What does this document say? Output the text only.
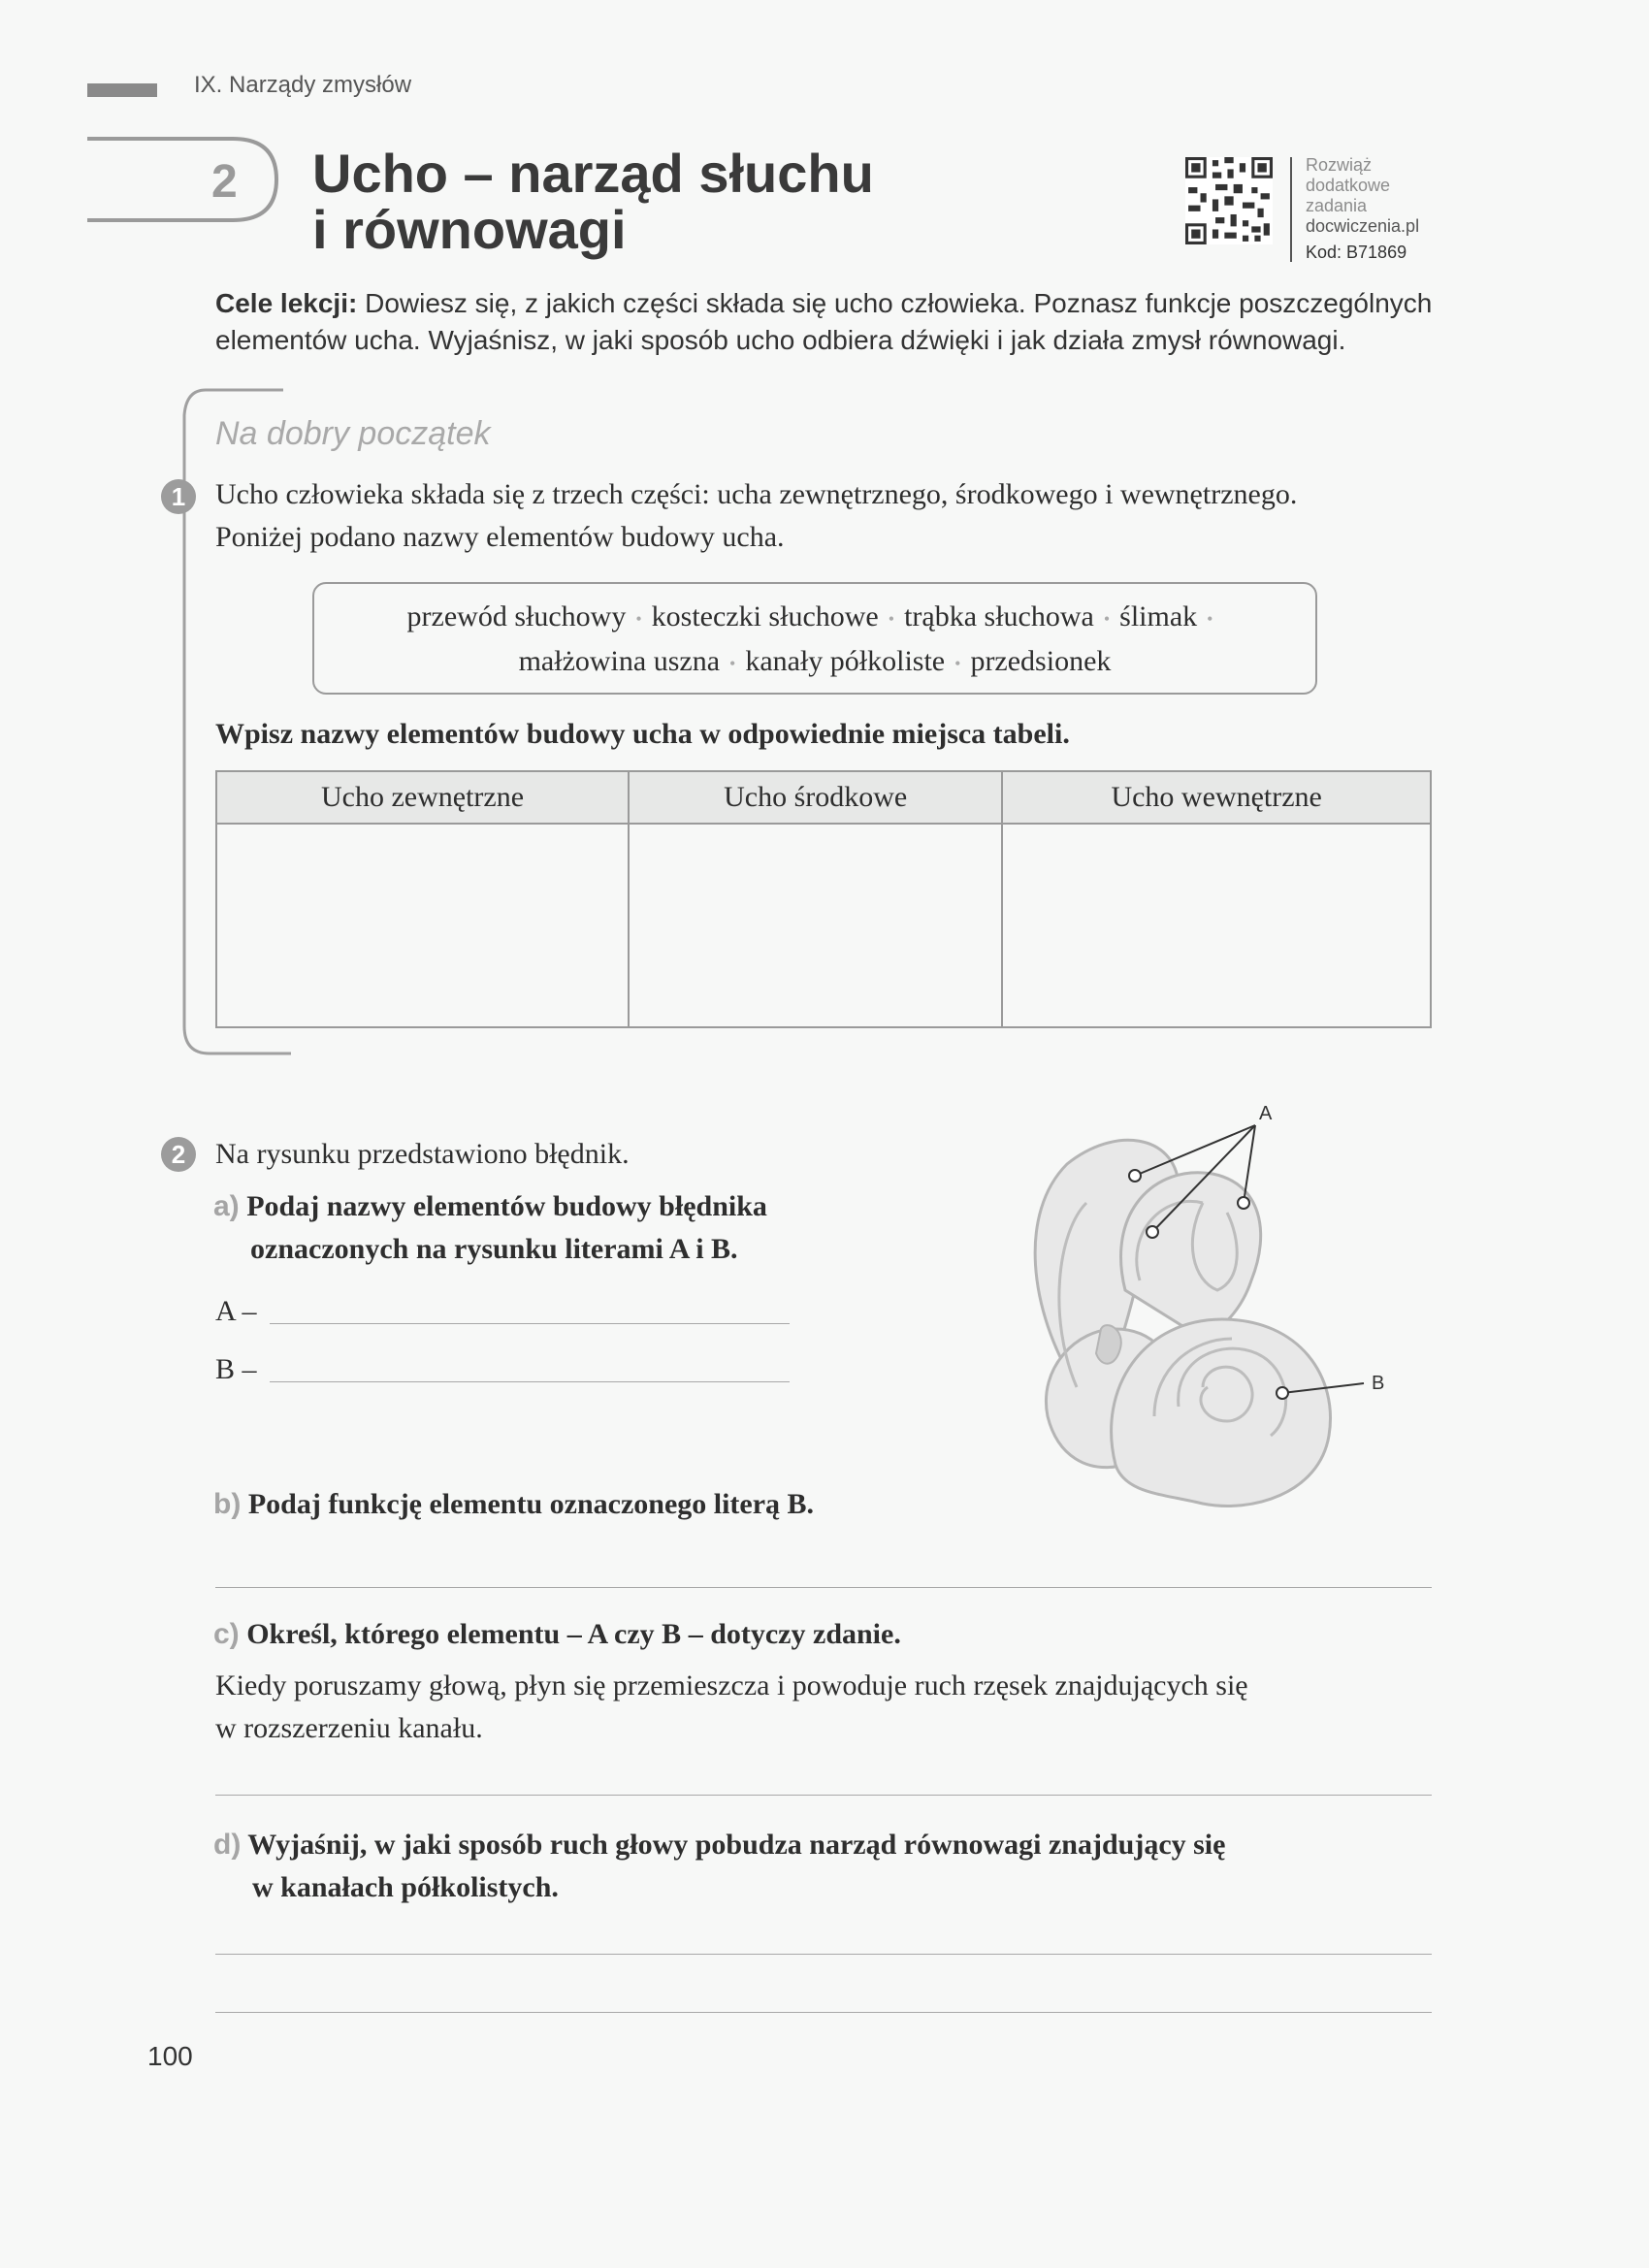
IX. Narządy zmysłów
2 Ucho – narząd słuchu
i równowagi
Rozwiąż
dodatkowe
zadania
docwiczenia.pl
Kod: B71869
Cele lekcji: Dowiesz się, z jakich części składa się ucho człowieka. Poznasz funkcje poszczególnych elementów ucha. Wyjaśnisz, w jaki sposób ucho odbiera dźwięki i jak działa zmysł równowagi.
Na dobry początek
1	Ucho człowieka składa się z trzech części: ucha zewnętrznego, środkowego i wewnętrznego.
Poniżej podano nazwy elementów budowy ucha.
przewód słuchowy • kosteczki słuchowe • trąbka słuchowa • ślimak •
małżowina uszna • kanały półkoliste • przedsionek
Wpisz nazwy elementów budowy ucha w odpowiednie miejsca tabeli.
Ucho zewnętrzne	Ucho środkowe	Ucho wewnętrzne

2	Na rysunku przedstawiono błędnik.
a) Podaj nazwy elementów budowy błędnika
oznaczonych na rysunku literami A i B.
A –
B –
A
B
b) Podaj funkcję elementu oznaczonego literą B.
c) Określ, którego elementu – A czy B – dotyczy zdanie.
Kiedy poruszamy głową, płyn się przemieszcza i powoduje ruch rzęsek znajdujących się
w rozszerzeniu kanału.
d) Wyjaśnij, w jaki sposób ruch głowy pobudza narząd równowagi znajdujący się
w kanałach półkolistych.
100
